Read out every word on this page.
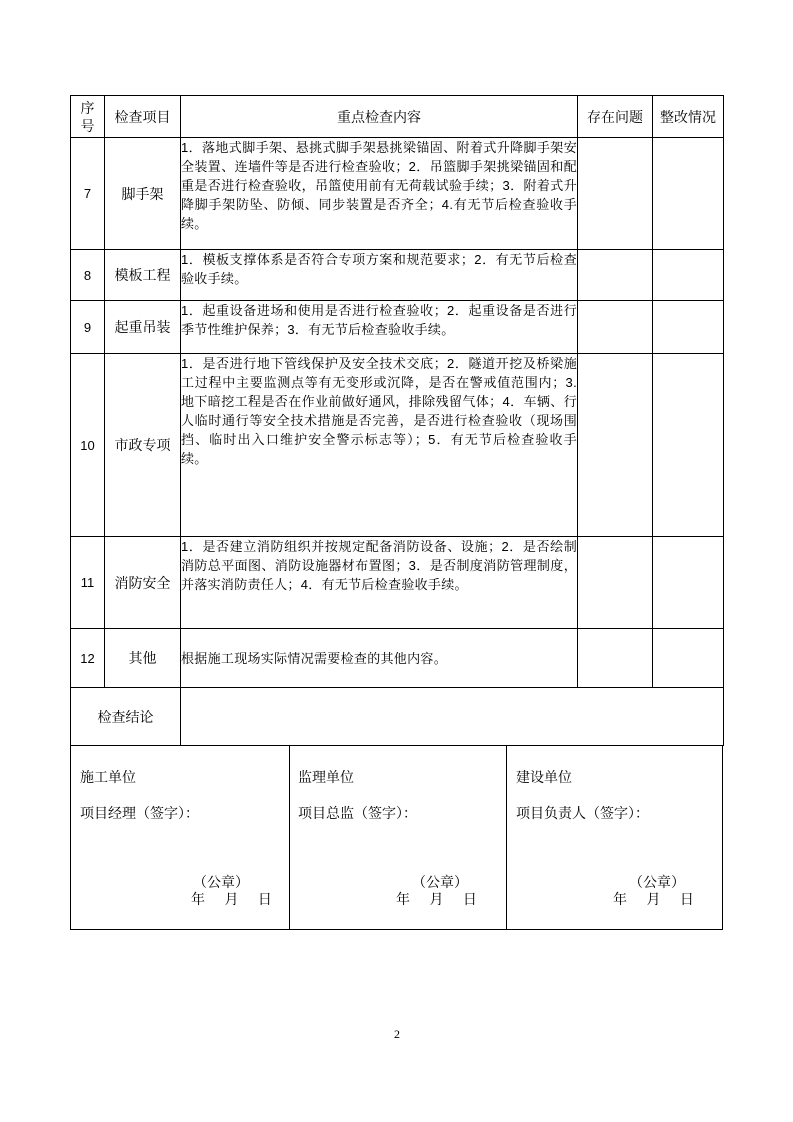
序号	检查项目	重点检查内容	存在问题	整改情况
7	脚手架	1．落地式脚手架、悬挑式脚手架悬挑梁锚固、附着式升降脚手架安全装置、连墙件等是否进行检查验收；2．吊篮脚手架挑梁锚固和配重是否进行检查验收，吊篮使用前有无荷载试验手续；3．附着式升降脚手架防坠、防倾、同步装置是否齐全；4.有无节后检查验收手续。		
8	模板工程	1．模板支撑体系是否符合专项方案和规范要求；2．有无节后检查验收手续。		
9	起重吊装	1．起重设备进场和使用是否进行检查验收；2．起重设备是否进行季节性维护保养；3．有无节后检查验收手续。		
10	市政专项	1．是否进行地下管线保护及安全技术交底；2．隧道开挖及桥梁施工过程中主要监测点等有无变形或沉降，是否在警戒值范围内；3.地下暗挖工程是否在作业前做好通风，排除残留气体；4．车辆、行人临时通行等安全技术措施是否完善，是否进行检查验收（现场围挡、临时出入口维护安全警示标志等）；5．有无节后检查验收手续。		
11	消防安全	1．是否建立消防组织并按规定配备消防设备、设施；2．是否绘制消防总平面图、消防设施器材布置图；3．是否制度消防管理制度，并落实消防责任人；4．有无节后检查验收手续。		
12	其他	根据施工现场实际情况需要检查的其他内容。		
检查结论				
施工单位
项目经理（签字）：
（公章）
年     月     日
监理单位
项目总监（签字）：
（公章）
年     月     日
建设单位
项目负责人（签字）：
（公章）
年     月     日
2
